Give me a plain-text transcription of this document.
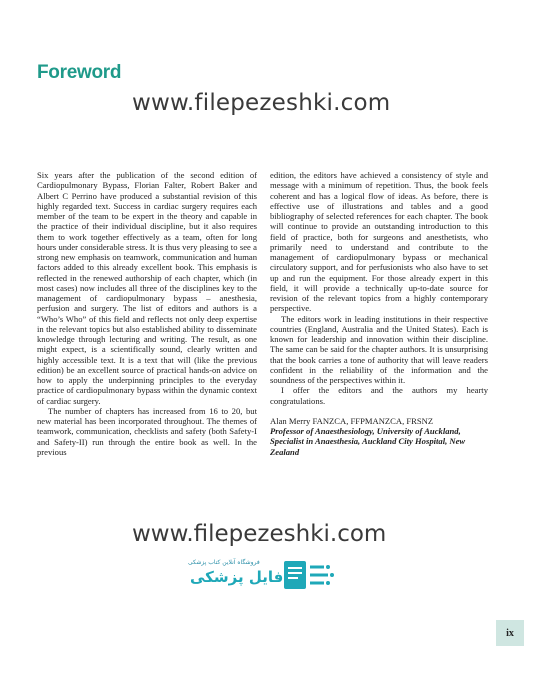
Foreword
www.filepezeshki.com

Six years after the publication of the second edition of Cardiopulmonary Bypass, Florian Falter, Robert Baker and Albert C Perrino have produced a substantial revision of this highly regarded text. Success in cardiac surgery requires each member of the team to be expert in the theory and capable in the practice of their individual discipline, but it also requires them to work together effectively as a team, often for long hours under considerable stress. It is thus very pleasing to see a strong new emphasis on teamwork, communication and human factors added to this already excellent book. This emphasis is reflected in the renewed authorship of each chapter, which (in most cases) now includes all three of the disciplines key to the management of cardiopulmonary bypass – anesthesia, perfusion and surgery. The list of editors and authors is a “Who’s Who” of this field and reflects not only deep expertise in the relevant topics but also established ability to disseminate knowledge through lecturing and writing. The result, as one might expect, is a scientifically sound, clearly written and highly accessible text. It is a text that will (like the previous edition) be an excellent source of practical hands-on advice on how to apply the underpinning principles to the everyday practice of cardiopulmonary bypass within the dynamic context of cardiac surgery.

The number of chapters has increased from 16 to 20, but new material has been incorporated throughout. The themes of teamwork, communication, checklists and safety (both Safety-I and Safety-II) run through the entire book as well. In the previous

edition, the editors have achieved a consistency of style and message with a minimum of repetition. Thus, the book feels coherent and has a logical flow of ideas. As before, there is effective use of illustrations and tables and a good bibliography of selected references for each chapter. The book will continue to provide an outstanding introduction to this field of practice, both for surgeons and anesthetists, who primarily need to understand and contribute to the management of cardiopulmonary bypass or mechanical circulatory support, and for perfusionists who also have to set up and run the equipment. For those already expert in this field, it will provide a technically up-to-date source for revision of the relevant topics from a highly contemporary perspective.

The editors work in leading institutions in their respective countries (England, Australia and the United States). Each is known for leadership and innovation within their discipline. The same can be said for the chapter authors. It is unsurprising that the book carries a tone of authority that will leave readers confident in the reliability of the information and the soundness of the perspectives within it.

I offer the editors and the authors my hearty congratulations.

Alan Merry FANZCA, FFPMANZCA, FRSNZ
Professor of Anaesthesiology, University of Auckland,
Specialist in Anaesthesia, Auckland City Hospital, New Zealand
www.filepezeshki.com
فروشگاه آنلاین کتاب پزشکی
فایل پزشکی
ix
